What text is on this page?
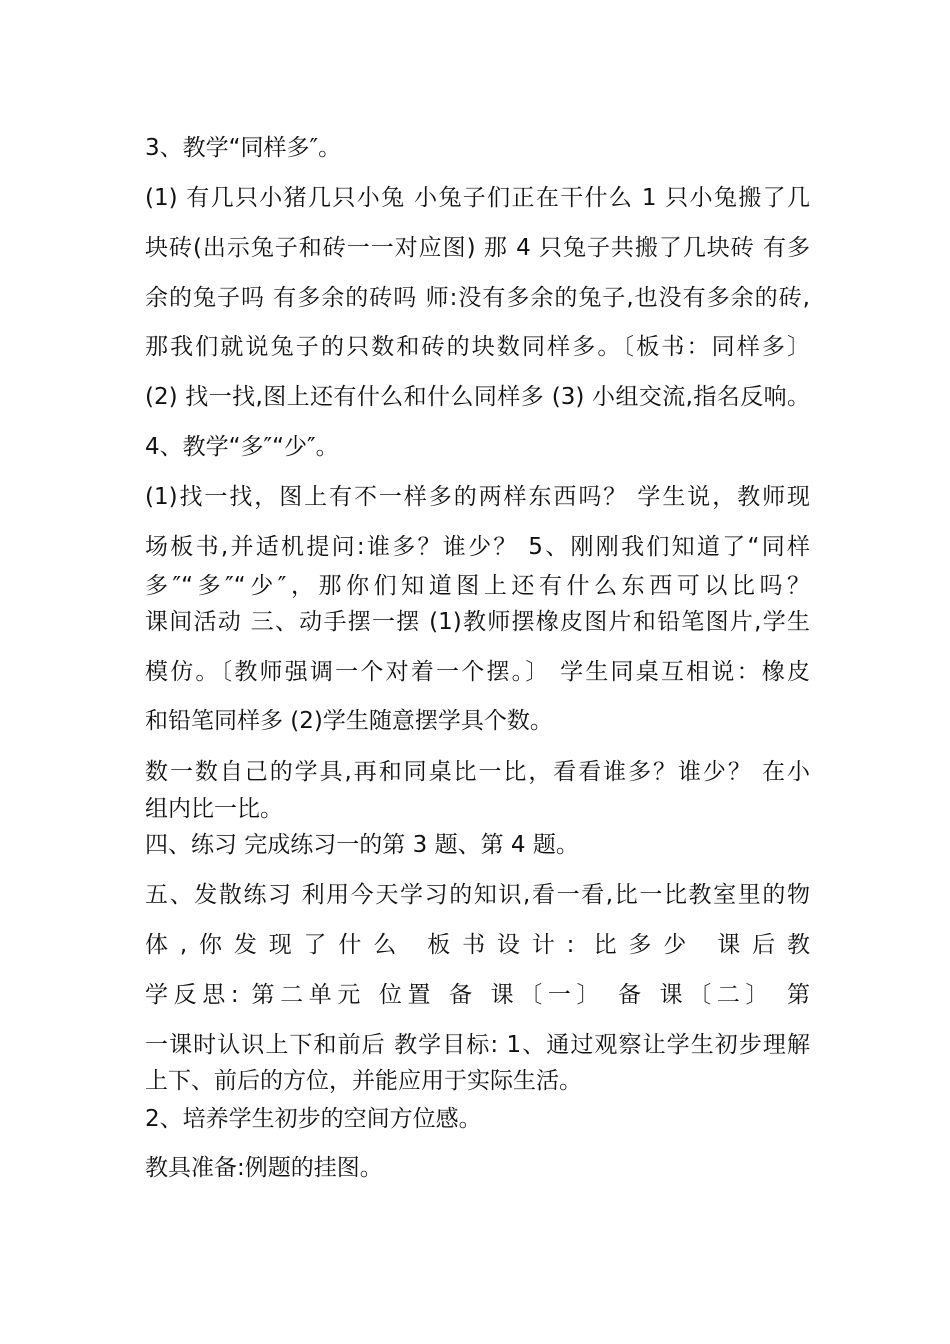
3、教学“同样多″。
(1) 有几只小猪几只小兔 小兔子们正在干什么 1 只小兔搬了几
块砖(出示兔子和砖一一对应图) 那 4 只兔子共搬了几块砖 有多
余的兔子吗 有多余的砖吗 师:没有多余的兔子,也没有多余的砖,
那我们就说兔子的只数和砖的块数同样多。〔板书：同样多〕
(2) 找一找,图上还有什么和什么同样多 (3) 小组交流,指名反响。
4、教学“多″“少″。
(1)找一找，图上有不一样多的两样东西吗？ 学生说，教师现
场板书,并适机提问:谁多？谁少？ 5、刚刚我们知道了“同样
多″“多″“少″，那你们知道图上还有什么东西可以比吗？
课间活动 三、动手摆一摆 (1)教师摆橡皮图片和铅笔图片,学生
模仿。〔教师强调一个对着一个摆。〕 学生同桌互相说：橡皮
和铅笔同样多 (2)学生随意摆学具个数。
数一数自己的学具,再和同桌比一比，看看谁多？谁少？ 在小
组内比一比。
四、练习 完成练习一的第 3 题、第 4 题。
五、发散练习 利用今天学习的知识,看一看,比一比教室里的物
体,你发现了什么 板书设计: 比多少 课后教
学反思: 第二单元 位置 备 课〔一〕 备 课〔二〕 第
一课时认识上下和前后 教学目标: 1、通过观察让学生初步理解
上下、前后的方位，并能应用于实际生活。
2、培养学生初步的空间方位感。
教具准备:例题的挂图。
